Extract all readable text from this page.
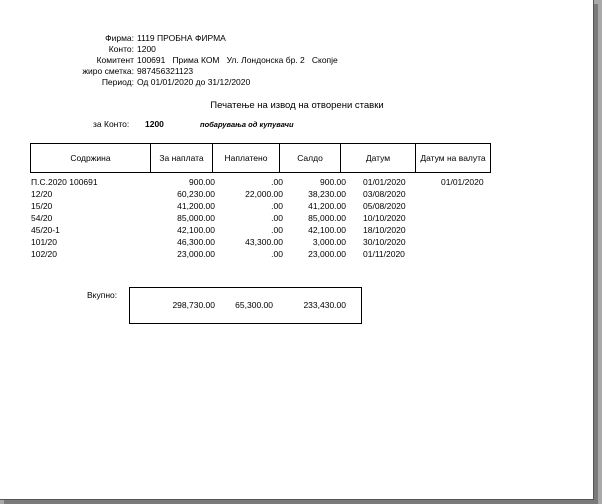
Фирма: 1119 ПРОБНА ФИРМА
Конто: 1200
Комитент 100691   Прима КОМ   Ул. Лондонска бр. 2   Скопје
жиро сметка: 987456321123
Период: Од 01/01/2020 до 31/12/2020
Печатење на извод на отворени ставки
за Конто: 1200	побарувања од купувачи
Содржина	За наплата	Наплатено	Салдо	Датум	Датум на валута
П.С.2020 100691	900.00	.00	900.00 01/01/2020	01/01/2020
12/20	60,230.00	22,000.00	38,230.00 03/08/2020
15/20	41,200.00	.00	41,200.00 05/08/2020
54/20	85,000.00	.00	85,000.00 10/10/2020
45/20-1	42,100.00	.00	42,100.00 18/10/2020
101/20	46,300.00	43,300.00	3,000.00 30/10/2020
102/20	23,000.00	.00	23,000.00 01/11/2020
Вкупно:
298,730.00	65,300.00	233,430.00
